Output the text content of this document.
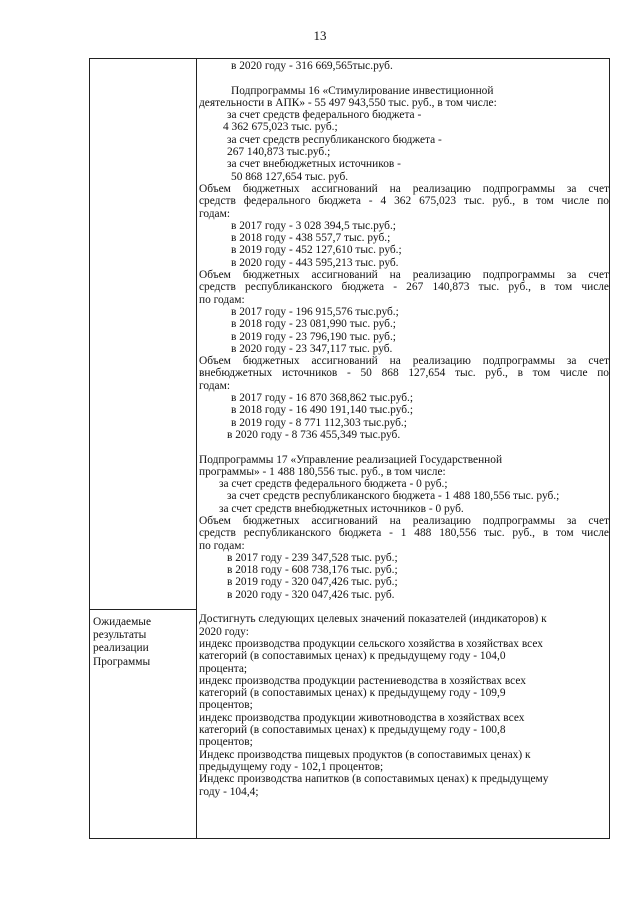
13
Ожидаемые
результаты
реализации
Программы
в 2020 году - 316 669,565тыс.руб.
Подпрограммы 16 «Стимулирование инвестиционной
деятельности в АПК» - 55 497 943,550 тыс. руб., в том числе:
за счет средств федерального бюджета -
4 362 675,023 тыс. руб.;
за счет средств республиканского бюджета -
267 140,873 тыс.руб.;
за счет внебюджетных источников -
50 868 127,654 тыс. руб.
Объем бюджетных ассигнований на реализацию подпрограммы за счет
средств федерального бюджета - 4 362 675,023 тыс. руб., в том числе по
годам:
в 2017 году - 3 028 394,5 тыс.руб.;
в 2018 году - 438 557,7 тыс. руб.;
в 2019 году - 452 127,610 тыс. руб.;
в 2020 году - 443 595,213 тыс. руб.
Объем бюджетных ассигнований на реализацию подпрограммы за счет
средств республиканского бюджета - 267 140,873 тыс. руб., в том числе
по годам:
в 2017 году - 196 915,576 тыс.руб.;
в 2018 году - 23 081,990 тыс. руб.;
в 2019 году - 23 796,190 тыс. руб.;
в 2020 году - 23 347,117 тыс. руб.
Объем бюджетных ассигнований на реализацию подпрограммы за счет
внебюджетных источников - 50 868 127,654 тыс. руб., в том числе по
годам:
в 2017 году - 16 870 368,862 тыс.руб.;
в 2018 году - 16 490 191,140 тыс.руб.;
в 2019 году - 8 771 112,303 тыс.руб.;
в 2020 году - 8 736 455,349 тыс.руб.
Подпрограммы 17 «Управление реализацией Государственной
программы» - 1 488 180,556 тыс. руб., в том числе:
за счет средств федерального бюджета - 0 руб.;
за счет средств республиканского бюджета - 1 488 180,556 тыс. руб.;
за счет средств внебюджетных источников - 0 руб.
Объем бюджетных ассигнований на реализацию подпрограммы за счет
средств республиканского бюджета - 1 488 180,556 тыс. руб., в том числе
по годам:
в 2017 году - 239 347,528 тыс. руб.;
в 2018 году - 608 738,176 тыс. руб.;
в 2019 году - 320 047,426 тыс. руб.;
в 2020 году - 320 047,426 тыс. руб.
Достигнуть следующих целевых значений показателей (индикаторов) к
2020 году:
индекс производства продукции сельского хозяйства в хозяйствах всех
категорий (в сопоставимых ценах) к предыдущему году - 104,0
процента;
индекс производства продукции растениеводства в хозяйствах всех
категорий (в сопоставимых ценах) к предыдущему году - 109,9
процентов;
индекс производства продукции животноводства в хозяйствах всех
категорий (в сопоставимых ценах) к предыдущему году - 100,8
процентов;
Индекс производства пищевых продуктов (в сопоставимых ценах) к
предыдущему году - 102,1 процентов;
Индекс производства напитков (в сопоставимых ценах) к предыдущему
году - 104,4;
